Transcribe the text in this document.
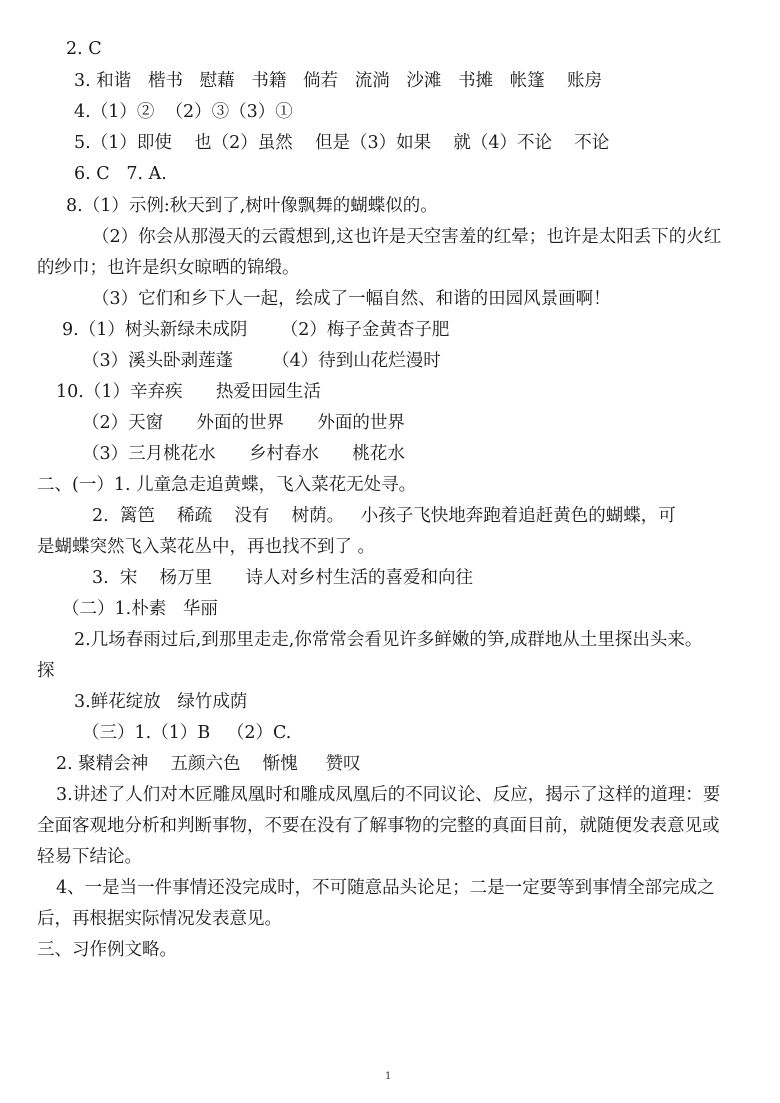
2. C
3. 和谐   楷书   慰藉   书籍   倘若   流淌   沙滩   书摊   帐篷    账房
4.（1）②  （2）③（3）①
5.（1）即使    也（2）虽然    但是（3）如果    就（4）不论    不论
6. C   7. A.
8.（1）示例:秋天到了,树叶像飘舞的蝴蝶似的。
（2）你会从那漫天的云霞想到,这也许是天空害羞的红晕；也许是太阳丢下的火红
的纱巾；也许是织女晾晒的锦缎。
（3）它们和乡下人一起，绘成了一幅自然、和谐的田园风景画啊！
9.（1）树头新绿未成阴      （2）梅子金黄杏子肥
（3）溪头卧剥莲蓬       （4）待到山花烂漫时
10.（1）辛弃疾      热爱田园生活
（2）天窗      外面的世界      外面的世界
（3）三月桃花水      乡村春水      桃花水
二、(一）1. 儿童急走追黄蝶，飞入菜花无处寻。
2.  篱笆    稀疏    没有    树荫。   小孩子飞快地奔跑着追赶黄色的蝴蝶，可
是蝴蝶突然飞入菜花丛中，再也找不到了 。
3.  宋    杨万里      诗人对乡村生活的喜爱和向往
（二）1.朴素   华丽
2.几场春雨过后,到那里走走,你常常会看见许多鲜嫩的笋,成群地从土里探出头来。
探
3.鲜花绽放   绿竹成荫
（三）1.（1）B   （2）C.
2. 聚精会神    五颜六色    惭愧     赞叹
3.讲述了人们对木匠雕凤凰时和雕成凤凰后的不同议论、反应，揭示了这样的道理：要
全面客观地分析和判断事物，不要在没有了解事物的完整的真面目前，就随便发表意见或
轻易下结论。
4、一是当一件事情还没完成时，不可随意品头论足；二是一定要等到事情全部完成之
后，再根据实际情况发表意见。
三、习作例文略。
1
